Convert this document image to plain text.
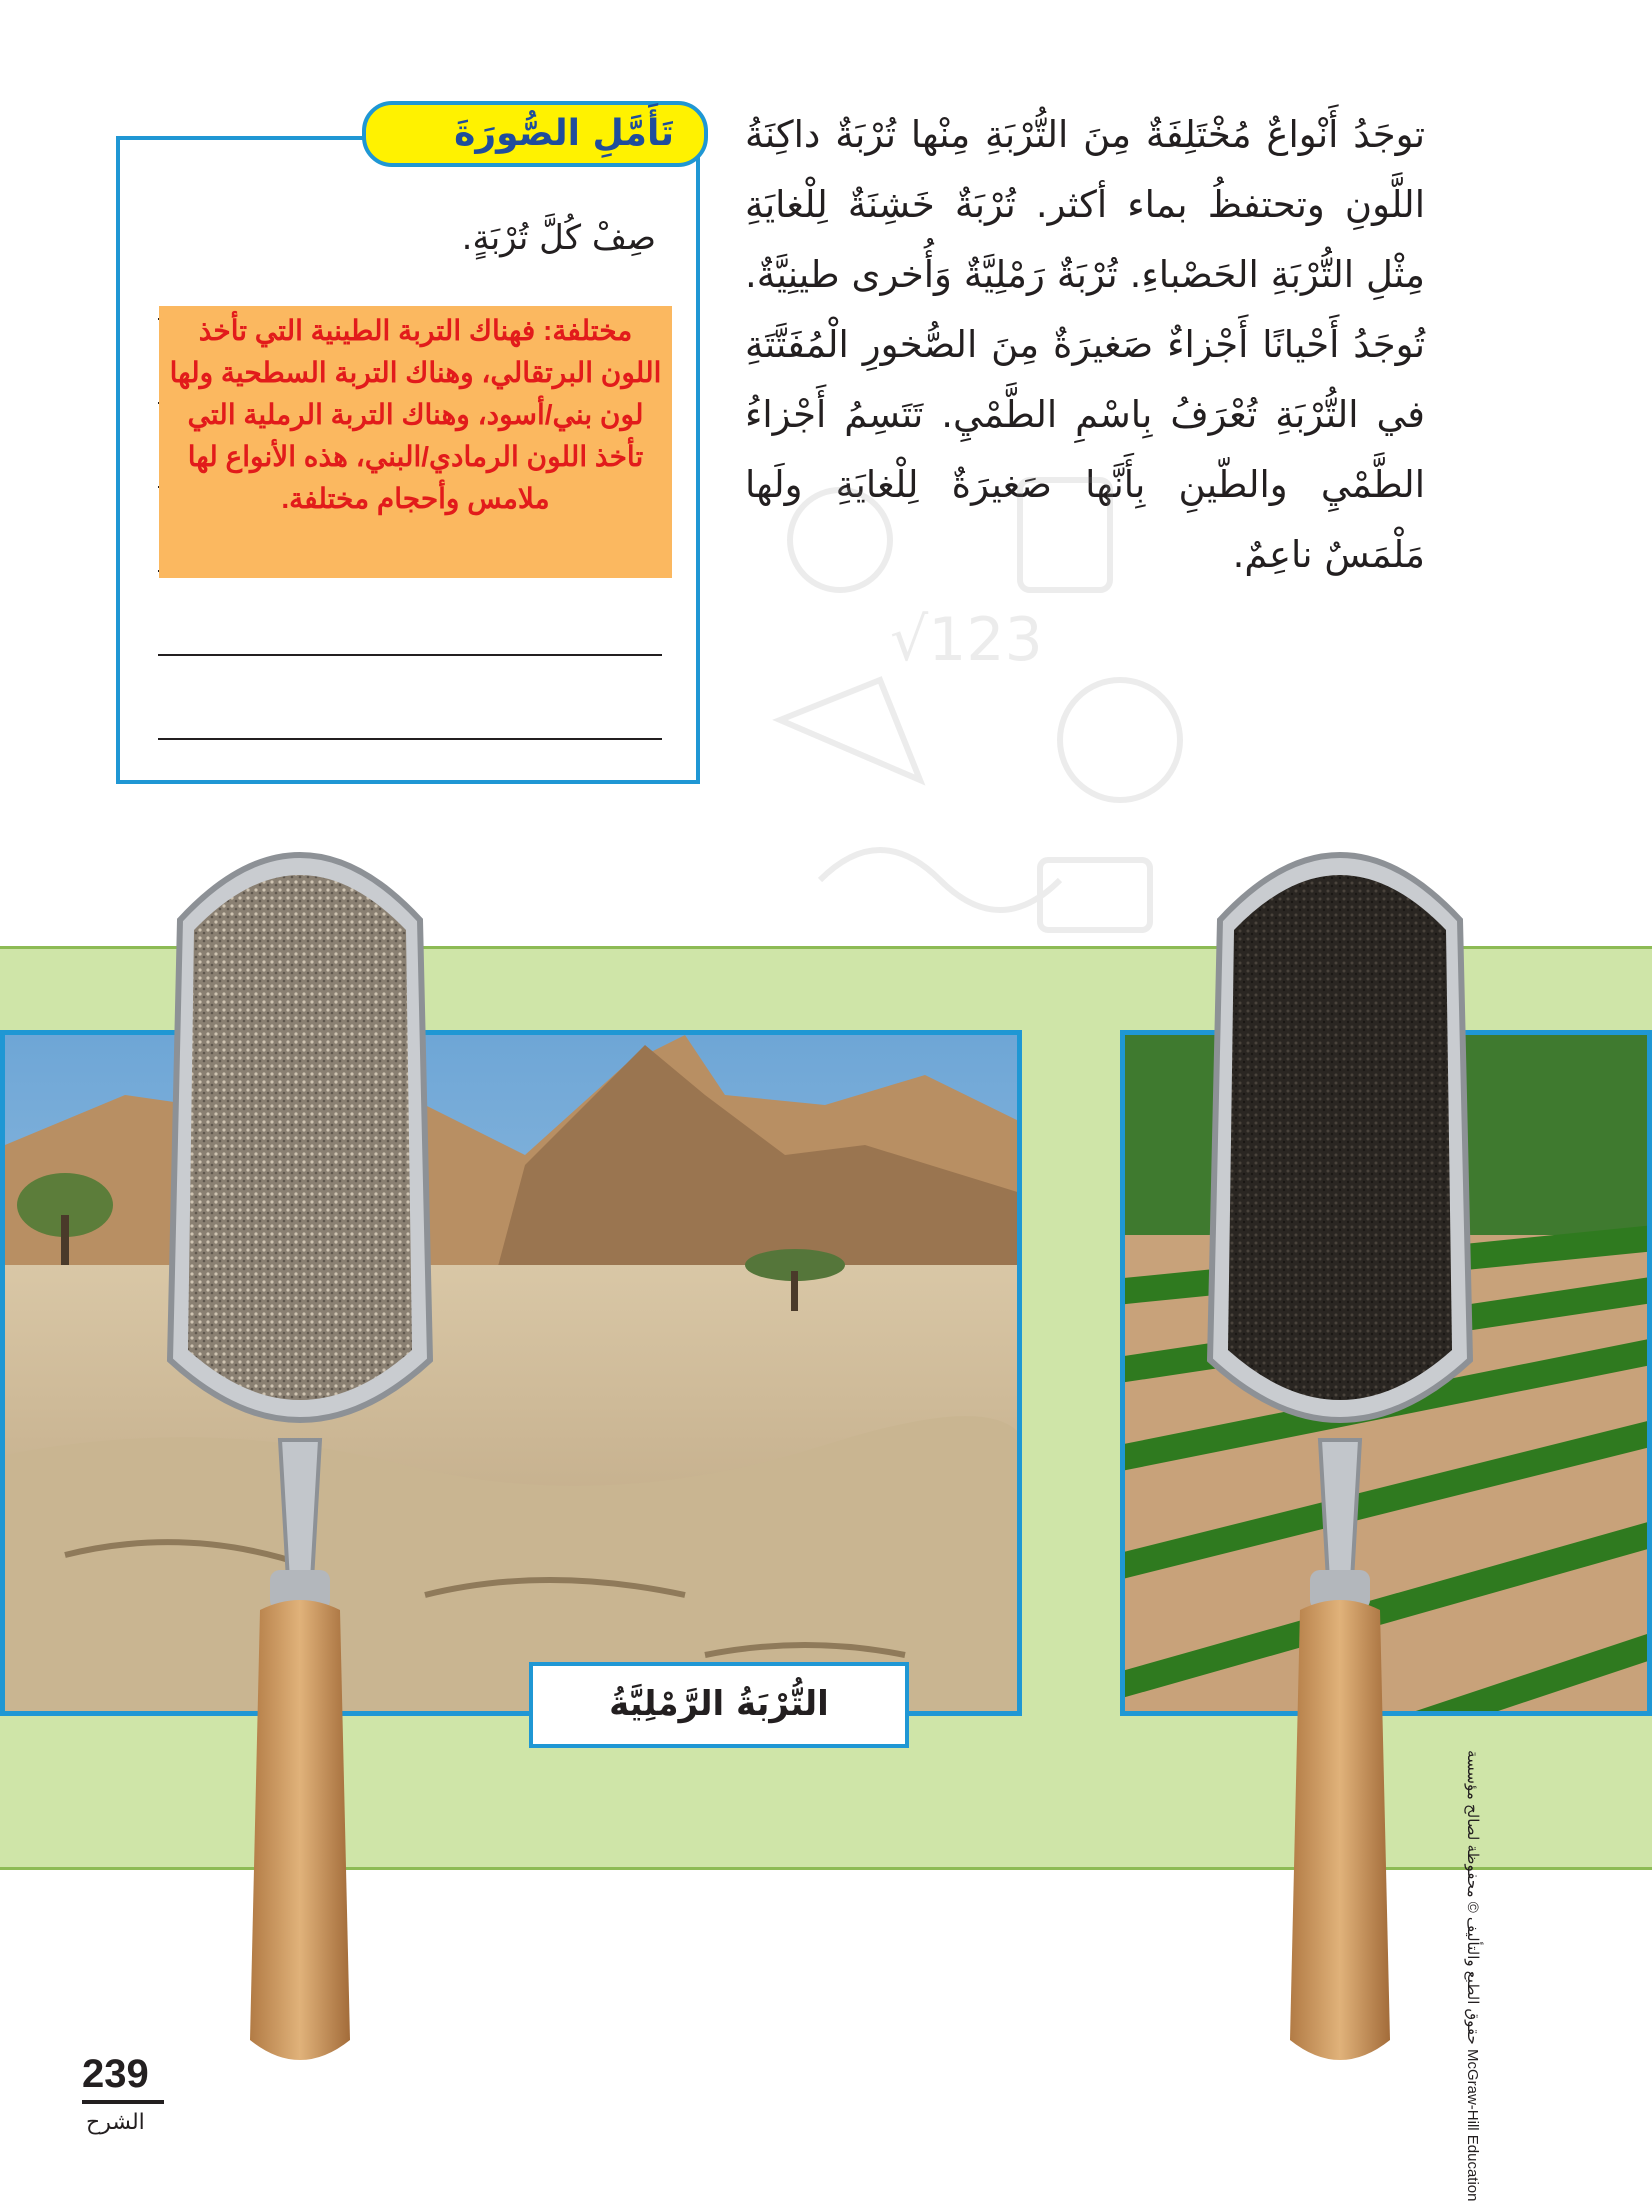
توجَدُ أَنْواعٌ مُخْتَلِفَةٌ مِنَ التُّرْبَةِ مِنْها تُرْبَةٌ داكِنَةُ اللَّونِ وتحتفظُ بماء أكثر. تُرْبَةٌ خَشِنَةٌ لِلْغايَةِ مِثْلِ التُّرْبَةِ الحَصْباءِ. تُرْبَةٌ رَمْلِيَّةٌ وَأُخرى طينِيَّةٌ. تُوجَدُ أَحْيانًا أَجْزاءٌ صَغيرَةٌ مِنَ الصُّخورِ الْمُفَتَّتَةِ في التُّرْبَةِ تُعْرَفُ بِاسْمِ الطَّمْيِ. تَتَسِمُ أَجْزاءُ الطَّمْيِ والطّينِ بِأَنَّها صَغيرَةٌ لِلْغايَةِ ولَها مَلْمَسٌ ناعِمٌ.
صِفْ كُلَّ تُرْبَةٍ.
تَأَمَّلِ الصُّورَةَ
مختلفة: فهناك التربة الطينية التي تأخذ اللون البرتقالي، وهناك التربة السطحية ولها لون بني/أسود، وهناك التربة الرملية التي تأخذ اللون الرمادي/البني، هذه الأنواع لها ملامس وأحجام مختلفة.
√123
التُّرْبَةُ الرَّمْلِيَّةُ
حقوق الطبع والتأليف © محفوظة لصالح مؤسسة McGraw-Hill Education
239
الشرح
